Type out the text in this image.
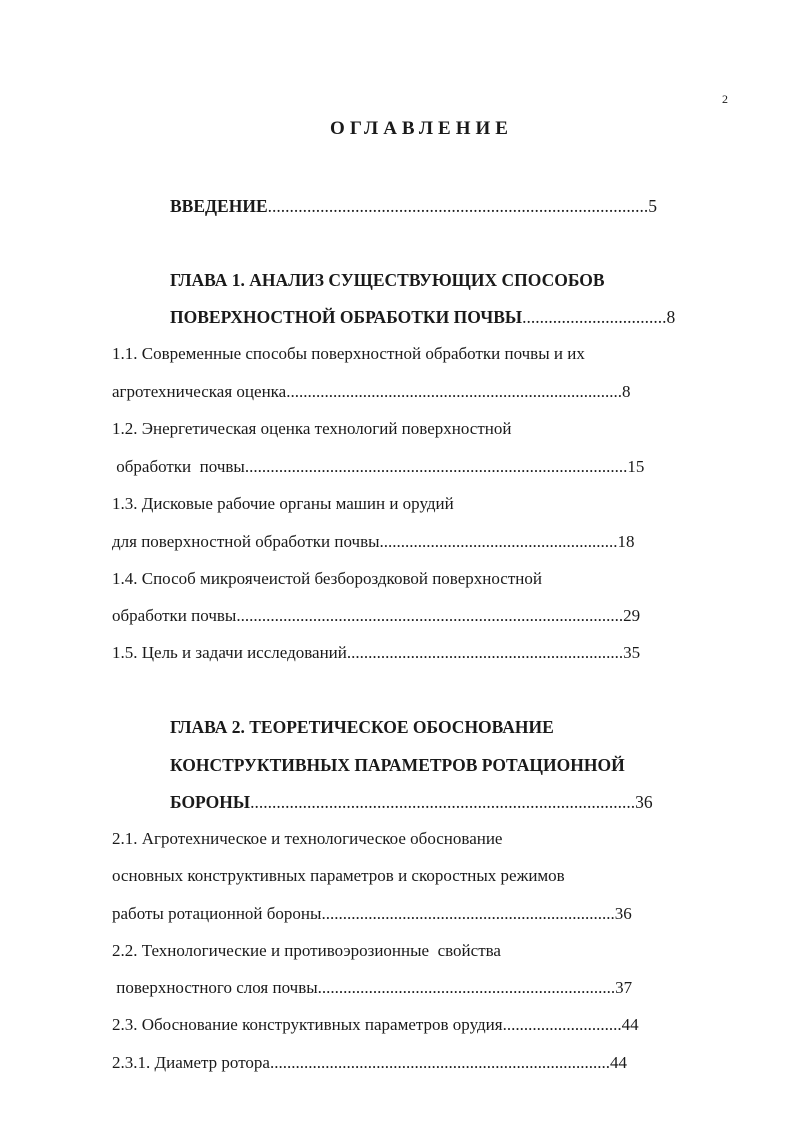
2
ОГЛАВЛЕНИЕ
ВВЕДЕНИЕ.......................................................................................5
ГЛАВА 1. АНАЛИЗ СУЩЕСТВУЮЩИХ СПОСОБОВ
ПОВЕРХНОСТНОЙ ОБРАБОТКИ ПОЧВЫ.................................8
1.1. Современные способы поверхностной обработки почвы и их
агротехническая оценка...............................................................................8
1.2. Энергетическая оценка технологий поверхностной
обработки  почвы..........................................................................................15
1.3. Дисковые рабочие органы машин и орудий
для поверхностной обработки почвы........................................................18
1.4. Способ микроячеистой безбороздковой поверхностной
обработки почвы...........................................................................................29
1.5. Цель и задачи исследований.................................................................35
ГЛАВА 2. ТЕОРЕТИЧЕСКОЕ ОБОСНОВАНИЕ
КОНСТРУКТИВНЫХ ПАРАМЕТРОВ РОТАЦИОННОЙ
БОРОНЫ........................................................................................36
2.1. Агротехническое и технологическое обоснование
основных конструктивных параметров и скоростных режимов
работы ротационной бороны.....................................................................36
2.2. Технологические и противоэрозионные  свойства
поверхностного слоя почвы......................................................................37
2.3. Обоснование конструктивных параметров орудия............................44
2.3.1. Диаметр ротора................................................................................44
